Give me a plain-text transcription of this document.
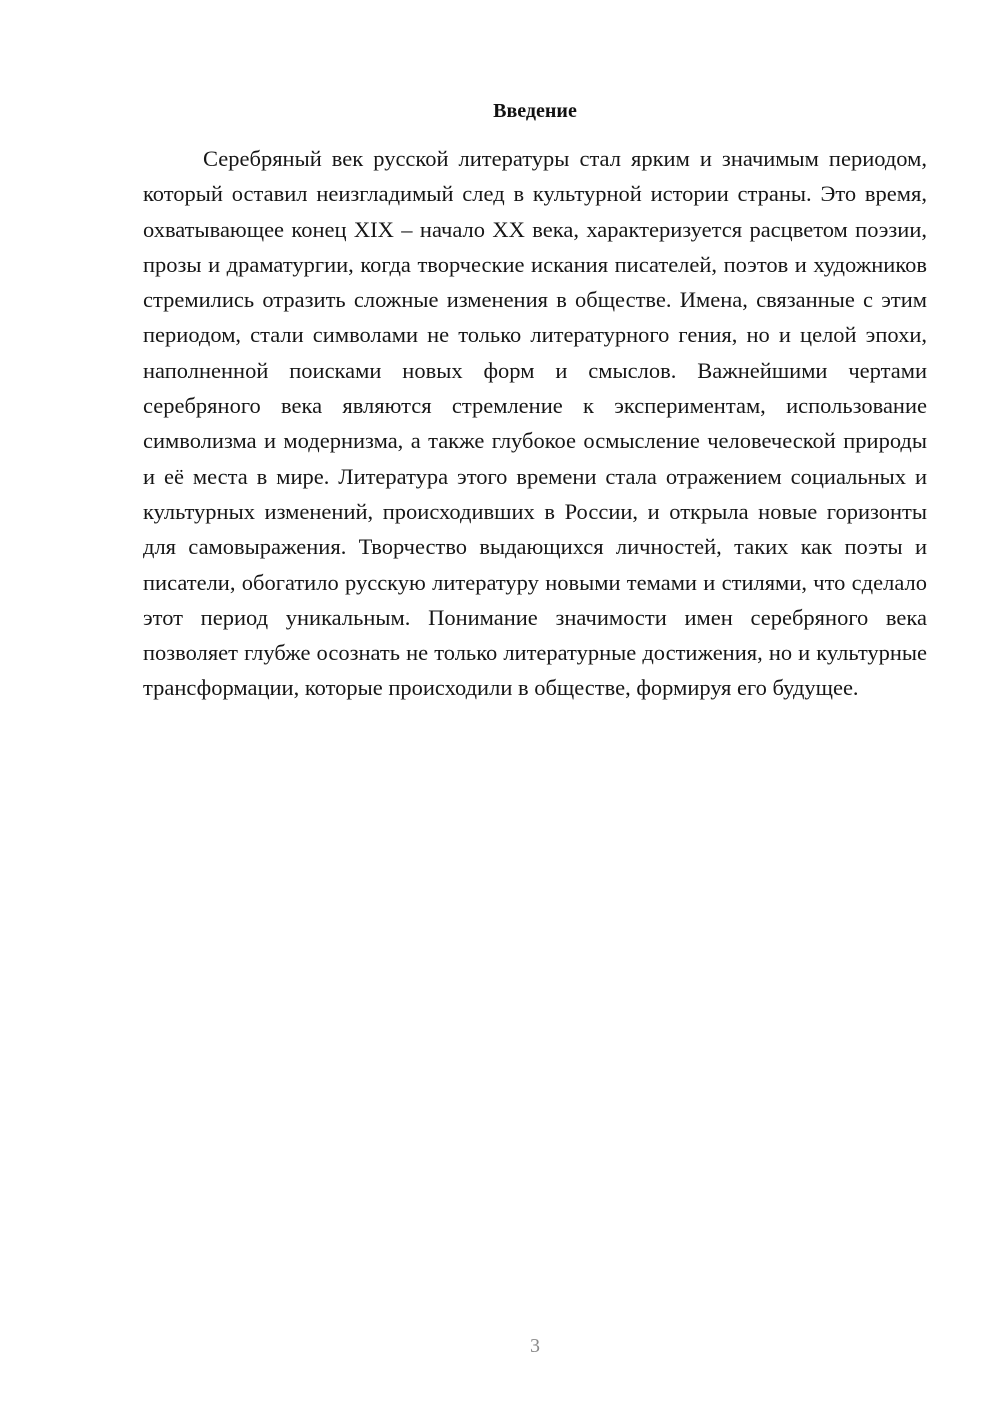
Введение

Серебряный век русской литературы стал ярким и значимым периодом, который оставил неизгладимый след в культурной истории страны. Это время, охватывающее конец XIX – начало XX века, характеризуется расцветом поэзии, прозы и драматургии, когда творческие искания писателей, поэтов и художников стремились отразить сложные изменения в обществе. Имена, связанные с этим периодом, стали символами не только литературного гения, но и целой эпохи, наполненной поисками новых форм и смыслов. Важнейшими чертами серебряного века являются стремление к экспериментам, использование символизма и модернизма, а также глубокое осмысление человеческой природы и её места в мире. Литература этого времени стала отражением социальных и культурных изменений, происходивших в России, и открыла новые горизонты для самовыражения. Творчество выдающихся личностей, таких как поэты и писатели, обогатило русскую литературу новыми темами и стилями, что сделало этот период уникальным. Понимание значимости имен серебряного века позволяет глубже осознать не только литературные достижения, но и культурные трансформации, которые происходили в обществе, формируя его будущее.

3
